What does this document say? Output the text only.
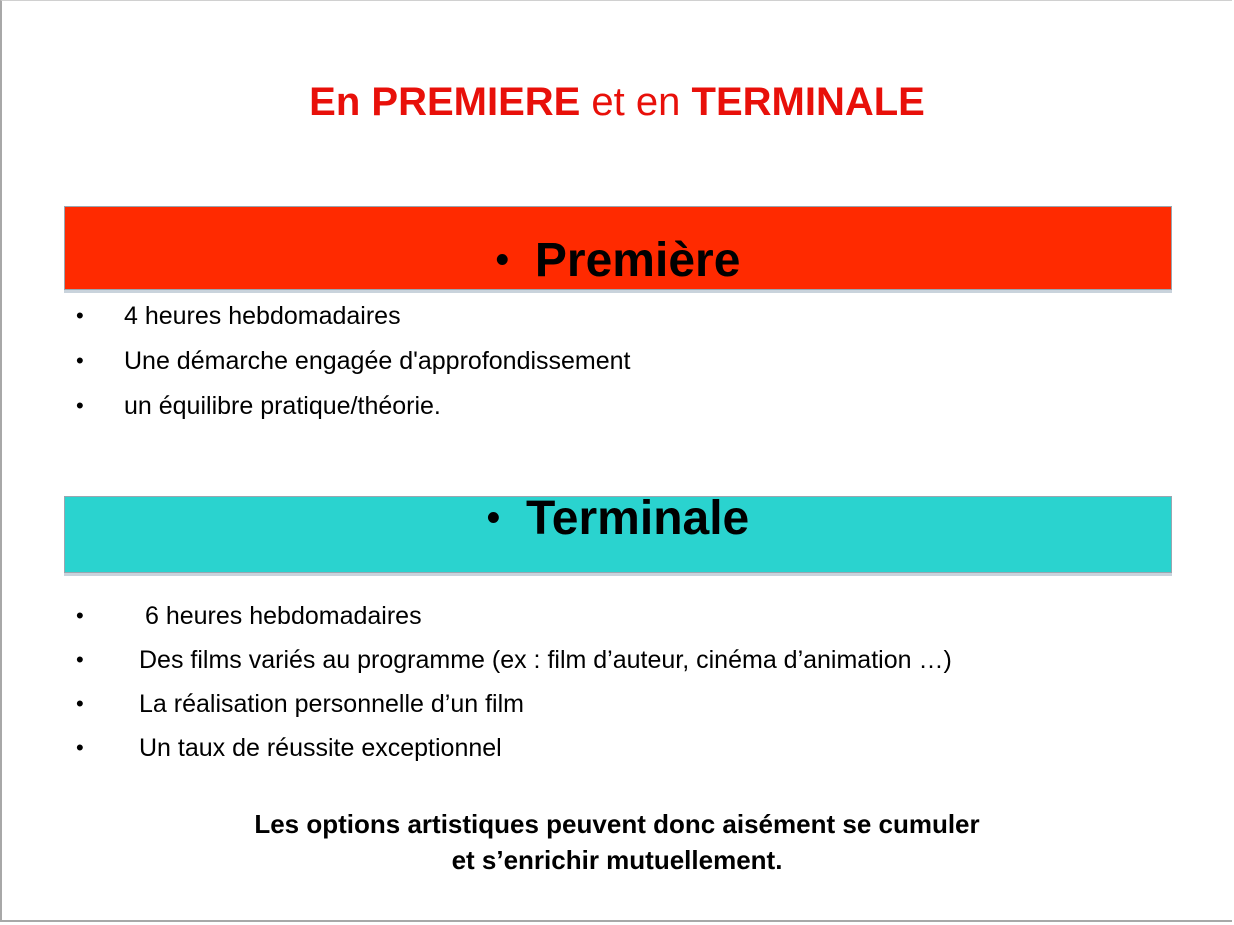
En PREMIERE et en TERMINALE
• Première
• 4 heures hebdomadaires
• Une démarche engagée d'approfondissement
• un équilibre pratique/théorie.
• Terminale
• 6 heures hebdomadaires
• Des films variés au programme (ex : film d’auteur, cinéma d’animation …)
• La réalisation personnelle d’un film
• Un taux de réussite exceptionnel
Les options artistiques peuvent donc aisément se cumuler
et s’enrichir mutuellement.
